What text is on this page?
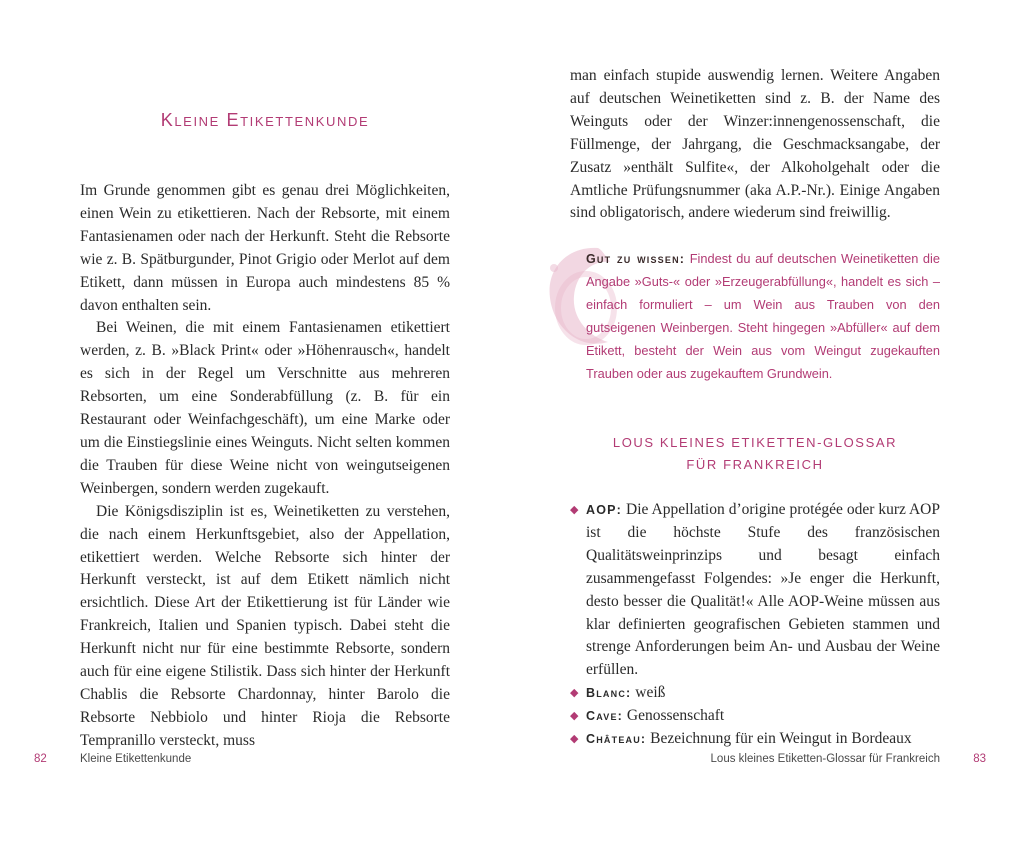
Kleine Etikettenkunde

Im Grunde genommen gibt es genau drei Möglichkeiten, einen Wein zu etikettieren. Nach der Rebsorte, mit einem Fantasienamen oder nach der Herkunft. Steht die Rebsorte wie z. B. Spätburgunder, Pinot Grigio oder Merlot auf dem Etikett, dann müssen in Europa auch mindestens 85 % davon enthalten sein.

Bei Weinen, die mit einem Fantasienamen etikettiert werden, z. B. »Black Print« oder »Höhenrausch«, handelt es sich in der Regel um Verschnitte aus mehreren Rebsorten, um eine Sonderabfüllung (z. B. für ein Restaurant oder Weinfachgeschäft), um eine Marke oder um die Einstiegslinie eines Weinguts. Nicht selten kommen die Trauben für diese Weine nicht von weingutseigenen Weinbergen, sondern werden zugekauft.

Die Königsdisziplin ist es, Weinetiketten zu verstehen, die nach einem Herkunftsgebiet, also der Appellation, etikettiert werden. Welche Rebsorte sich hinter der Herkunft versteckt, ist auf dem Etikett nämlich nicht ersichtlich. Diese Art der Etikettierung ist für Länder wie Frankreich, Italien und Spanien typisch. Dabei steht die Herkunft nicht nur für eine bestimmte Rebsorte, sondern auch für eine eigene Stilistik. Dass sich hinter der Herkunft Chablis die Rebsorte Chardonnay, hinter Barolo die Rebsorte Nebbiolo und hinter Rioja die Rebsorte Tempranillo versteckt, muss

82	Kleine Etikettenkunde

man einfach stupide auswendig lernen. Weitere Angaben auf deutschen Weinetiketten sind z. B. der Name des Weinguts oder der Winzer:innengenossenschaft, die Füllmenge, der Jahrgang, die Geschmacksangabe, der Zusatz »enthält Sulfite«, der Alkoholgehalt oder die Amtliche Prüfungsnummer (aka A.P.-Nr.). Einige Angaben sind obligatorisch, andere wiederum sind freiwillig.

Gut zu wissen: Findest du auf deutschen Weinetiketten die Angabe »Guts-« oder »Erzeugerabfüllung«, handelt es sich – einfach formuliert – um Wein aus Trauben von den gutseigenen Weinbergen. Steht hingegen »Abfüller« auf dem Etikett, besteht der Wein aus vom Weingut zugekauften Trauben oder aus zugekauftem Grundwein.

LOUS KLEINES ETIKETTEN-GLOSSAR
FÜR FRANKREICH
◆ AOP: Die Appellation d’origine protégée oder kurz AOP ist die höchste Stufe des französischen Qualitätsweinprinzips und besagt einfach zusammengefasst Folgendes: »Je enger die Herkunft, desto besser die Qualität!« Alle AOP-Weine müssen aus klar definierten geografischen Gebieten stammen und strenge Anforderungen beim An- und Ausbau der Weine erfüllen.
◆ Blanc: weiß
◆ Cave: Genossenschaft
◆ Château: Bezeichnung für ein Weingut in Bordeaux
Lous kleines Etiketten-Glossar für Frankreich	83
